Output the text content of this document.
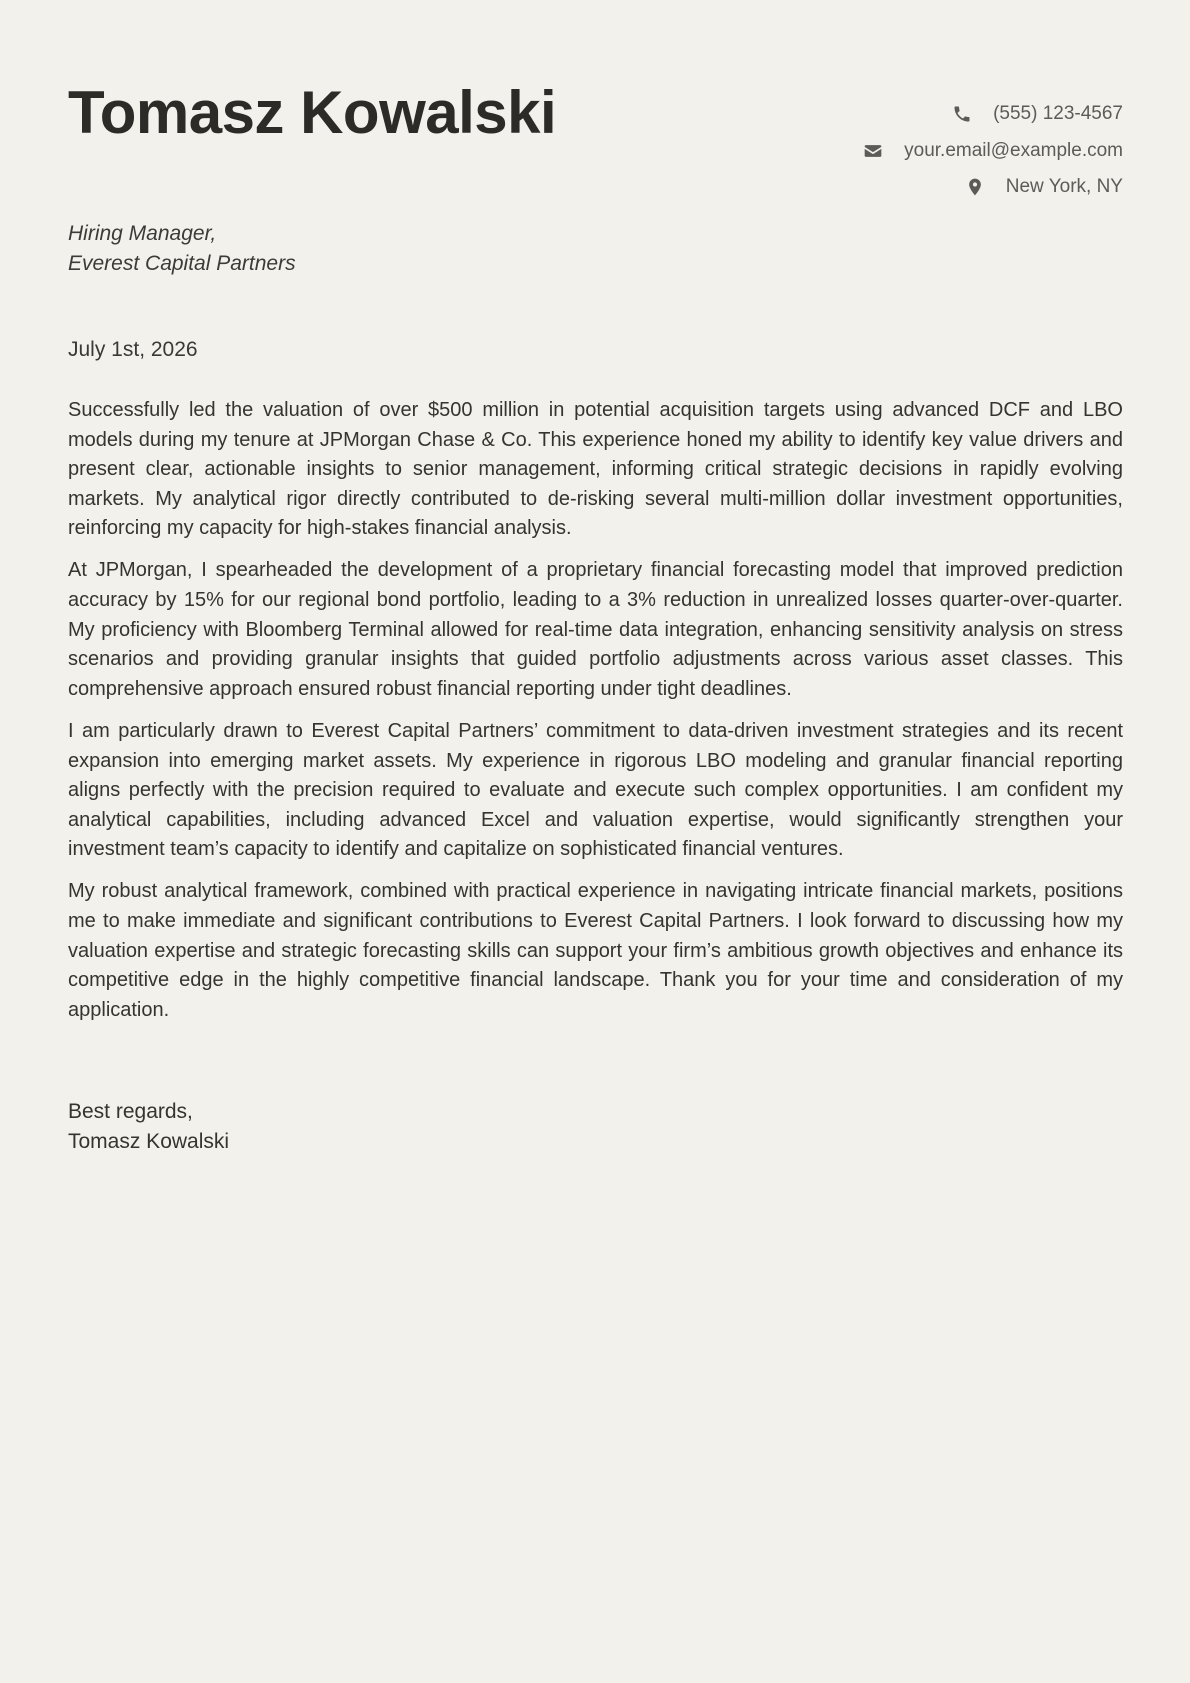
Tomasz Kowalski	(555) 123-4567
your.email@example.com
New York, NY
Hiring Manager,
Everest Capital Partners
July 1st, 2026

Successfully led the valuation of over $500 million in potential acquisition targets using advanced DCF and LBO models during my tenure at JPMorgan Chase & Co. This experience honed my ability to identify key value drivers and present clear, actionable insights to senior management, informing critical strategic decisions in rapidly evolving markets. My analytical rigor directly contributed to de-risking several multi-million dollar investment opportunities, reinforcing my capacity for high-stakes financial analysis.

At JPMorgan, I spearheaded the development of a proprietary financial forecasting model that improved prediction accuracy by 15% for our regional bond portfolio, leading to a 3% reduction in unrealized losses quarter-over-quarter. My proficiency with Bloomberg Terminal allowed for real-time data integration, enhancing sensitivity analysis on stress scenarios and providing granular insights that guided portfolio adjustments across various asset classes. This comprehensive approach ensured robust financial reporting under tight deadlines.

I am particularly drawn to Everest Capital Partners’ commitment to data-driven investment strategies and its recent expansion into emerging market assets. My experience in rigorous LBO modeling and granular financial reporting aligns perfectly with the precision required to evaluate and execute such complex opportunities. I am confident my analytical capabilities, including advanced Excel and valuation expertise, would significantly strengthen your investment team’s capacity to identify and capitalize on sophisticated financial ventures.

My robust analytical framework, combined with practical experience in navigating intricate financial markets, positions me to make immediate and significant contributions to Everest Capital Partners. I look forward to discussing how my valuation expertise and strategic forecasting skills can support your firm’s ambitious growth objectives and enhance its competitive edge in the highly competitive financial landscape. Thank you for your time and consideration of my application.

Best regards,
Tomasz Kowalski
